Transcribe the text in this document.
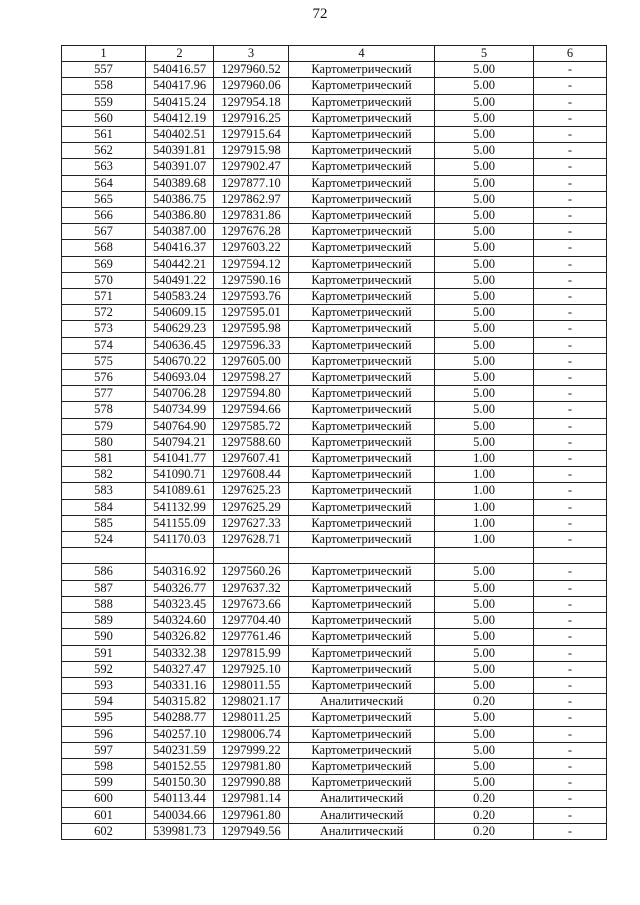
72
1	2	3	4	5	6
557	540416.57	1297960.52	Картометрический	5.00	-
558	540417.96	1297960.06	Картометрический	5.00	-
559	540415.24	1297954.18	Картометрический	5.00	-
560	540412.19	1297916.25	Картометрический	5.00	-
561	540402.51	1297915.64	Картометрический	5.00	-
562	540391.81	1297915.98	Картометрический	5.00	-
563	540391.07	1297902.47	Картометрический	5.00	-
564	540389.68	1297877.10	Картометрический	5.00	-
565	540386.75	1297862.97	Картометрический	5.00	-
566	540386.80	1297831.86	Картометрический	5.00	-
567	540387.00	1297676.28	Картометрический	5.00	-
568	540416.37	1297603.22	Картометрический	5.00	-
569	540442.21	1297594.12	Картометрический	5.00	-
570	540491.22	1297590.16	Картометрический	5.00	-
571	540583.24	1297593.76	Картометрический	5.00	-
572	540609.15	1297595.01	Картометрический	5.00	-
573	540629.23	1297595.98	Картометрический	5.00	-
574	540636.45	1297596.33	Картометрический	5.00	-
575	540670.22	1297605.00	Картометрический	5.00	-
576	540693.04	1297598.27	Картометрический	5.00	-
577	540706.28	1297594.80	Картометрический	5.00	-
578	540734.99	1297594.66	Картометрический	5.00	-
579	540764.90	1297585.72	Картометрический	5.00	-
580	540794.21	1297588.60	Картометрический	5.00	-
581	541041.77	1297607.41	Картометрический	1.00	-
582	541090.71	1297608.44	Картометрический	1.00	-
583	541089.61	1297625.23	Картометрический	1.00	-
584	541132.99	1297625.29	Картометрический	1.00	-
585	541155.09	1297627.33	Картометрический	1.00	-
524	541170.03	1297628.71	Картометрический	1.00	-

586	540316.92	1297560.26	Картометрический	5.00	-
587	540326.77	1297637.32	Картометрический	5.00	-
588	540323.45	1297673.66	Картометрический	5.00	-
589	540324.60	1297704.40	Картометрический	5.00	-
590	540326.82	1297761.46	Картометрический	5.00	-
591	540332.38	1297815.99	Картометрический	5.00	-
592	540327.47	1297925.10	Картометрический	5.00	-
593	540331.16	1298011.55	Картометрический	5.00	-
594	540315.82	1298021.17	Аналитический	0.20	-
595	540288.77	1298011.25	Картометрический	5.00	-
596	540257.10	1298006.74	Картометрический	5.00	-
597	540231.59	1297999.22	Картометрический	5.00	-
598	540152.55	1297981.80	Картометрический	5.00	-
599	540150.30	1297990.88	Картометрический	5.00	-
600	540113.44	1297981.14	Аналитический	0.20	-
601	540034.66	1297961.80	Аналитический	0.20	-
602	539981.73	1297949.56	Аналитический	0.20	-
